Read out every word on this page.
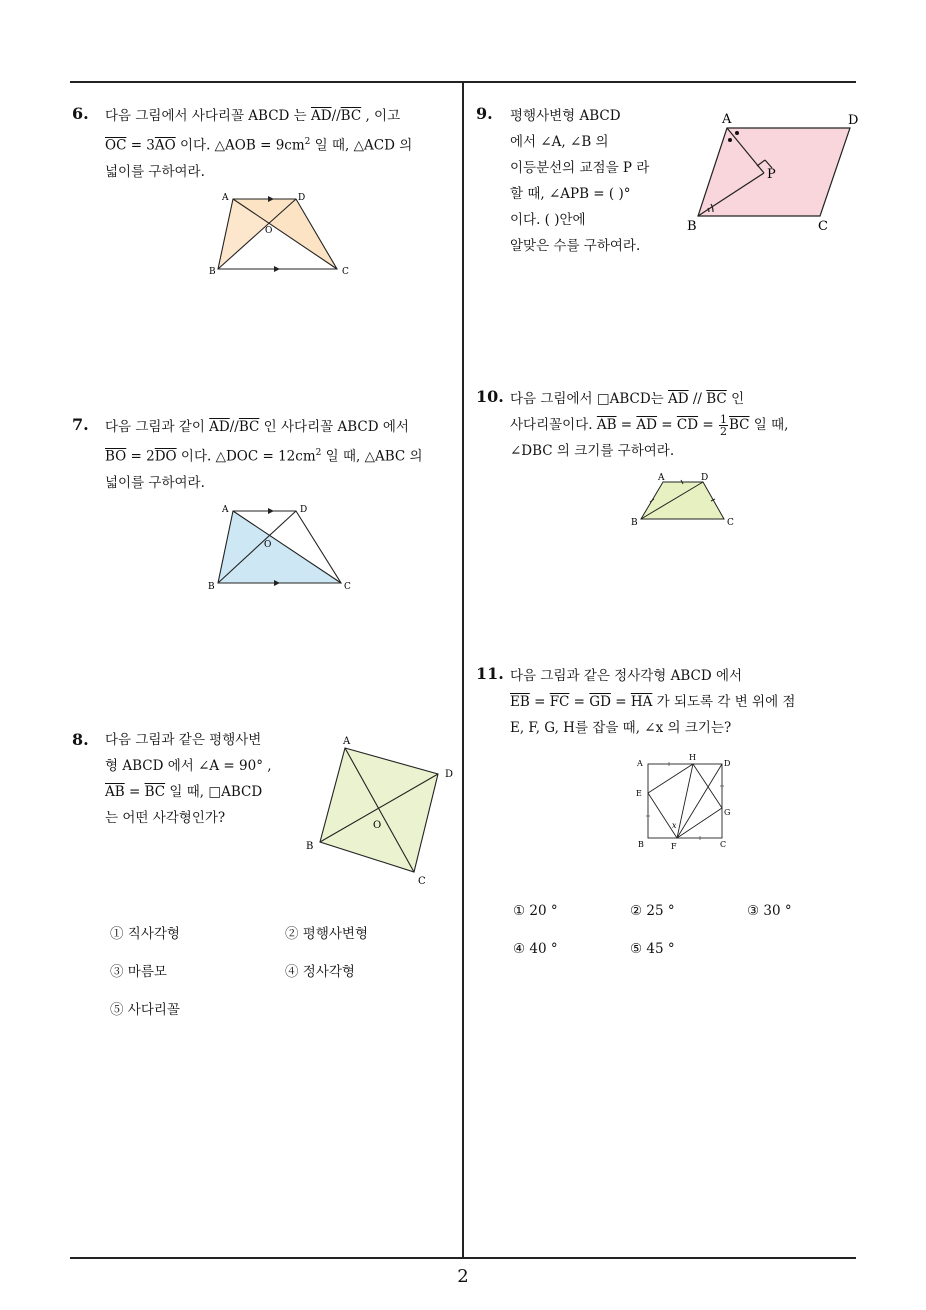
6. 다음 그림에서 사다리꼴 ABCD 는 $\overline{AD}//\overline{BC}$ , 이고
$\overline{OC} = 3\overline{AO}$ 이다. △AOB = $9cm^2$ 일 때, △ACD 의
넓이를 구하여라.
A	D
B	C
O
7. 다음 그림과 같이 $\overline{AD}//\overline{BC}$ 인 사다리꼴 ABCD 에서
$\overline{BO} = 2\overline{DO}$ 이다. △DOC = $12cm^2$ 일 때, △ABC 의
넓이를 구하여라.
A	D
B	C
O
8. 다음 그림과 같은 평행사변
형 ABCD 에서 ∠A = 90° ,
$\overline{AB} = \overline{BC}$ 일 때, □ABCD
는 어떤 사각형인가?
A
D
B
C
O
① 직사각형	② 평행사변형
③ 마름모	④ 정사각형
⑤ 사다리꼴
9. 평행사변형 ABCD
에서 ∠A, ∠B 의
이등분선의 교점을 P 라
할 때, ∠APB = ( )°
이다. ( )안에
알맞은 수를 구하여라.
A	D
B	C
P
10. 다음 그림에서 □ABCD는 $\overline{AD} // \overline{BC}$ 인
사다리꼴이다. $\overline{AB} = \overline{AD} = \overline{CD} = \frac{1}{2} \overline{BC}$ 일 때,
∠DBC 의 크기를 구하여라.
A	D
B	C
11. 다음 그림과 같은 정사각형 ABCD 에서
$\overline{EB} = \overline{FC} = \overline{GD} = \overline{HA}$ 가 되도록 각 변 위에 점
E, F, G, H를 잡을 때, ∠x 의 크기는?
A
H
D
E
G
B	F	C
x
① 20 °	② 25 °	③ 30 °
④ 40 °	⑤ 45 °
2
